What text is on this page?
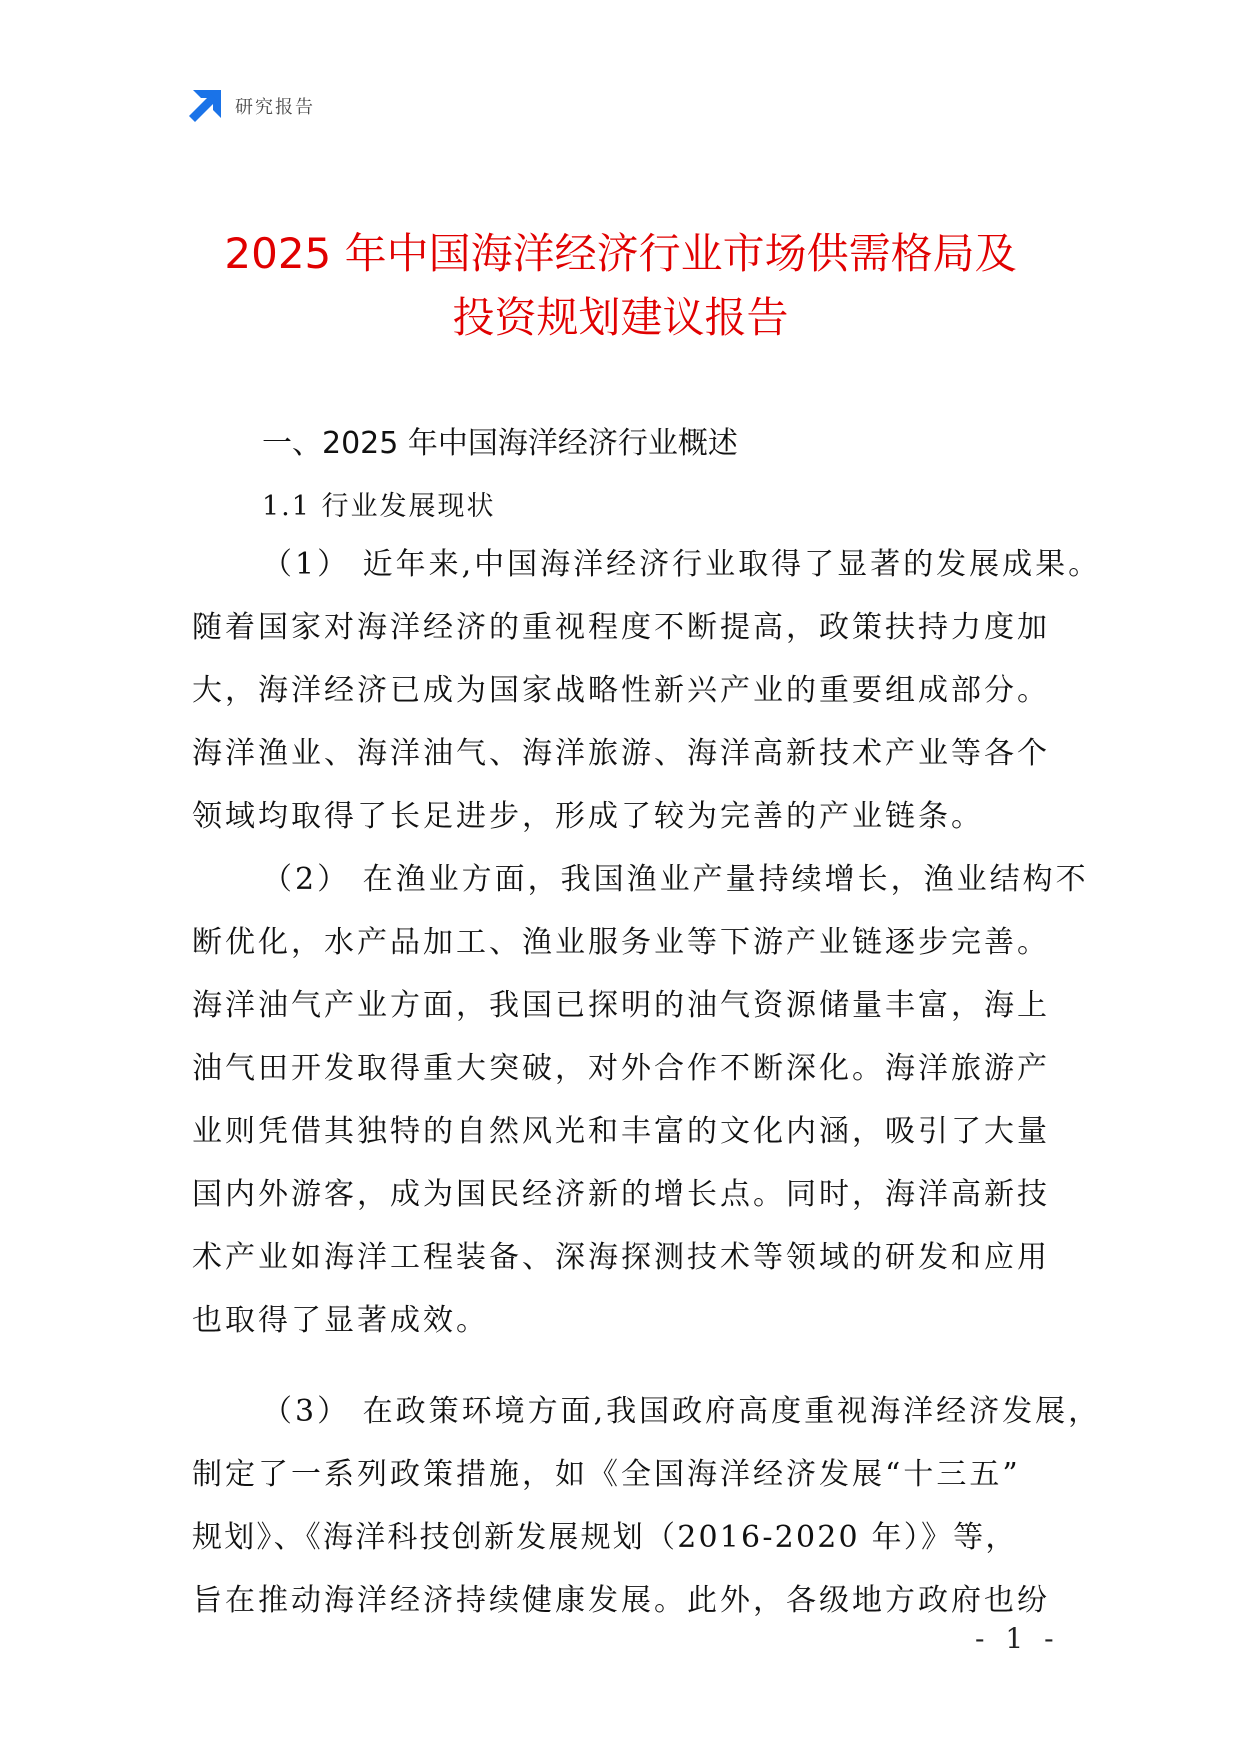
研究报告
2025 年中国海洋经济行业市场供需格局及
投资规划建议报告
一、2025 年中国海洋经济行业概述
1.1 行业发展现状
（1） 近年来,中国海洋经济行业取得了显著的发展成果。
随着国家对海洋经济的重视程度不断提高，政策扶持力度加
大，海洋经济已成为国家战略性新兴产业的重要组成部分。
海洋渔业、海洋油气、海洋旅游、海洋高新技术产业等各个
领域均取得了长足进步，形成了较为完善的产业链条。
（2） 在渔业方面，我国渔业产量持续增长，渔业结构不
断优化，水产品加工、渔业服务业等下游产业链逐步完善。
海洋油气产业方面，我国已探明的油气资源储量丰富，海上
油气田开发取得重大突破，对外合作不断深化。海洋旅游产
业则凭借其独特的自然风光和丰富的文化内涵，吸引了大量
国内外游客，成为国民经济新的增长点。同时，海洋高新技
术产业如海洋工程装备、深海探测技术等领域的研发和应用
也取得了显著成效。
（3） 在政策环境方面,我国政府高度重视海洋经济发展，
制定了一系列政策措施，如《全国海洋经济发展“十三五”
规划》、《海洋科技创新发展规划（2016-2020 年）》等，
旨在推动海洋经济持续健康发展。此外，各级地方政府也纷
- 1 -
